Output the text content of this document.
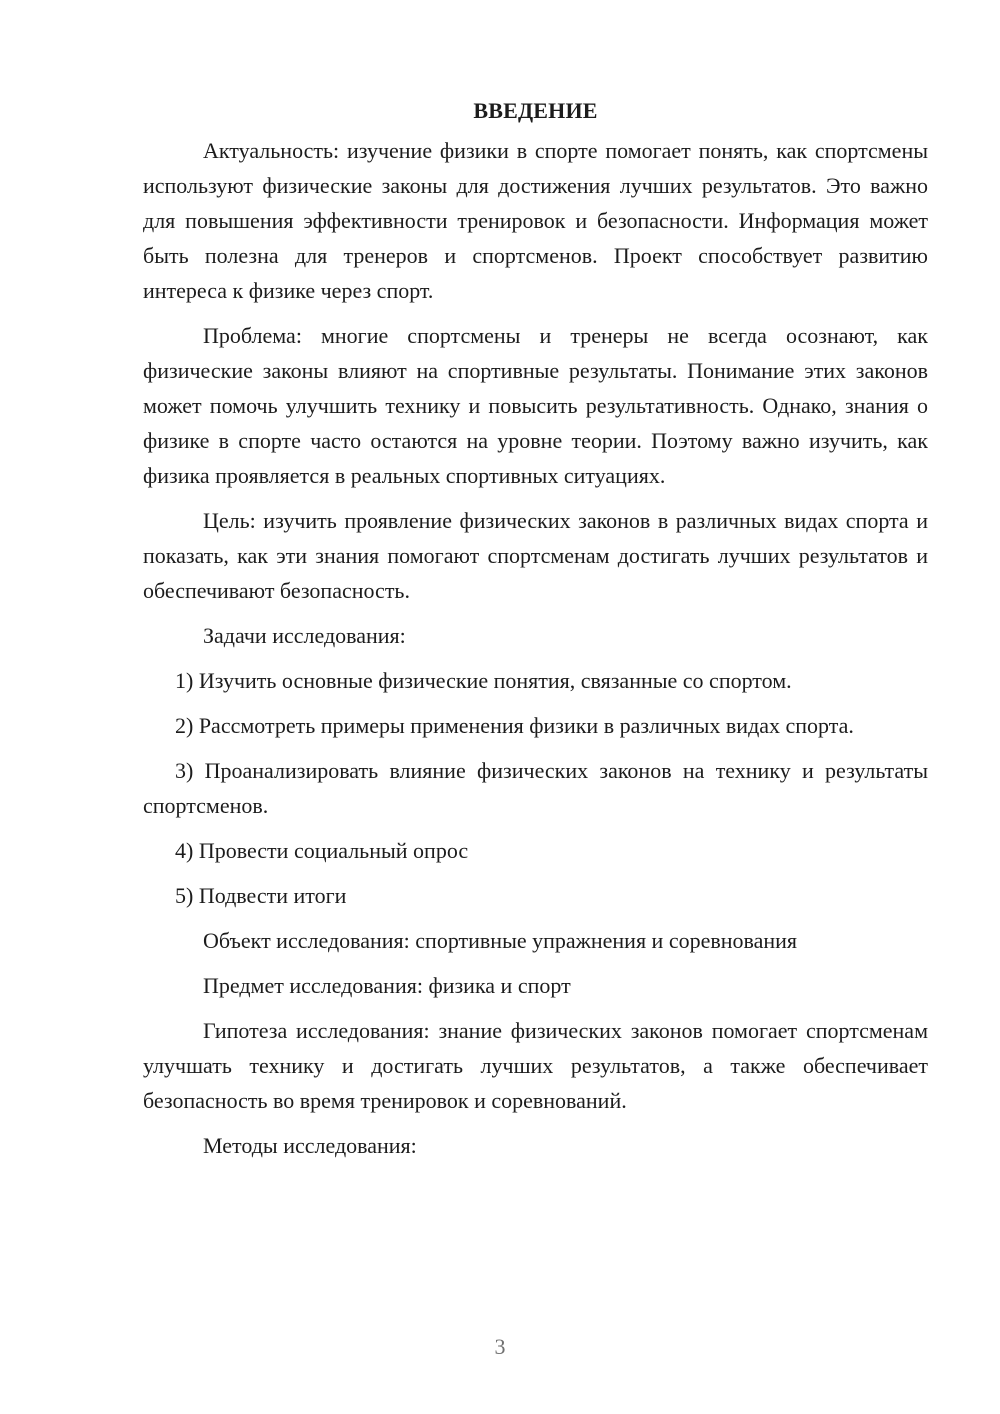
ВВЕДЕНИЕ

Актуальность: изучение физики в спорте помогает понять, как спортсмены используют физические законы для достижения лучших результатов. Это важно для повышения эффективности тренировок и безопасности. Информация может быть полезна для тренеров и спортсменов. Проект способствует развитию интереса к физике через спорт.

Проблема: многие спортсмены и тренеры не всегда осознают, как физические законы влияют на спортивные результаты. Понимание этих законов может помочь улучшить технику и повысить результативность. Однако, знания о физике в спорте часто остаются на уровне теории. Поэтому важно изучить, как физика проявляется в реальных спортивных ситуациях.

Цель: изучить проявление физических законов в различных видах спорта и показать, как эти знания помогают спортсменам достигать лучших результатов и обеспечивают безопасность.

Задачи исследования:

1) Изучить основные физические понятия, связанные со спортом.

2) Рассмотреть примеры применения физики в различных видах спорта.

3) Проанализировать влияние физических законов на технику и результаты спортсменов.

4) Провести социальный опрос

5) Подвести итоги

Объект исследования: спортивные упражнения и соревнования

Предмет исследования: физика и спорт

Гипотеза исследования: знание физических законов помогает спортсменам улучшать технику и достигать лучших результатов, а также обеспечивает безопасность во время тренировок и соревнований.

Методы исследования:

3
